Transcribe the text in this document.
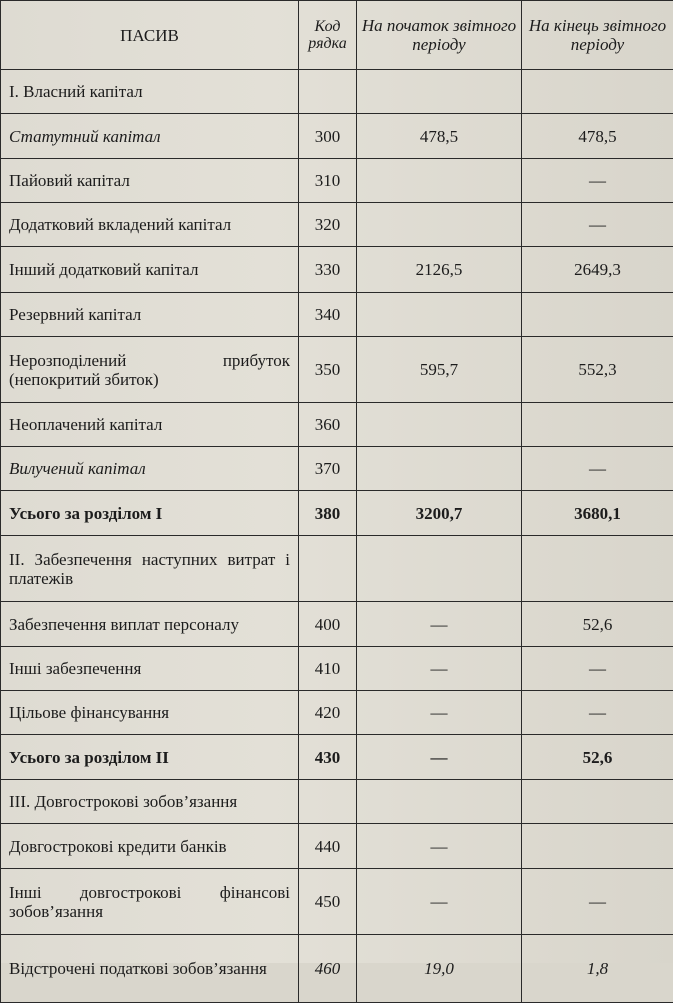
ПАСИВ	Код рядка	На початок звітного періоду	На кінець звітного періоду
І. Власний капітал			
Статутний капітал	300	478,5	478,5
Пайовий капітал	310		—
Додатковий вкладений капітал	320		—
Інший додатковий капітал	330	2126,5	2649,3
Резервний капітал	340		
Нерозподілений прибуток (непокритий збиток)	350	595,7	552,3
Неоплачений капітал	360		
Вилучений капітал	370		—
Усього за розділом I	380	3200,7	3680,1
II. Забезпечення наступних витрат і платежів			
Забезпечення виплат персоналу	400	—	52,6
Інші забезпечення	410	—	—
Цільове фінансування	420	—	—
Усього за розділом II	430	—	52,6
III. Довгострокові зобов’язання			
Довгострокові кредити банків	440	—	
Інші довгострокові фінансові зобов’язання	450	—	—
Відстрочені податкові зобов’язання	460	19,0	1,8
